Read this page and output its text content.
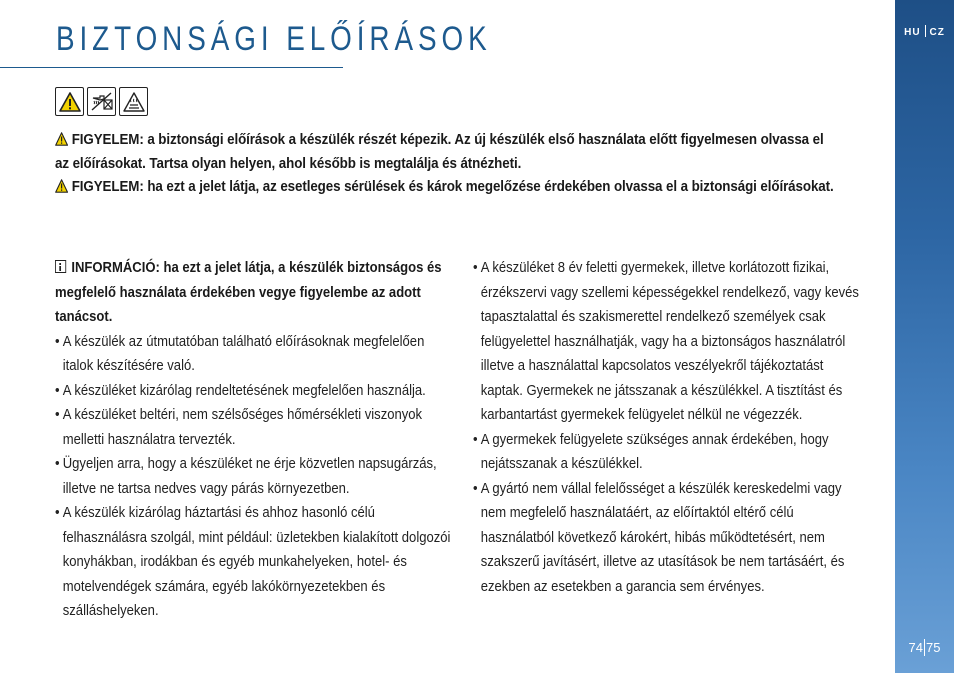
BIZTONSÁGI ELŐÍRÁSOK
FIGYELEM: a biztonsági előírások a készülék részét képezik. Az új készülék első használata előtt figyelmesen olvassa el az előírásokat. Tartsa olyan helyen, ahol később is megtalálja és átnézheti.
FIGYELEM: ha ezt a jelet látja, az esetleges sérülések és károk megelőzése érdekében olvassa el a biztonsági előírásokat.

INFORMÁCIÓ: ha ezt a jelet látja, a készülék biztonságos és megfelelő használata érdekében vegye figyelembe az adott tanácsot.

• A készülék az útmutatóban található előírásoknak megfelelően italok készítésére való.
• A készüléket kizárólag rendeltetésének megfelelően használja.
• A készüléket beltéri, nem szélsőséges hőmérsékleti viszonyok melletti használatra tervezték.
• Ügyeljen arra, hogy a készüléket ne érje közvetlen napsugárzás, illetve ne tartsa nedves vagy párás környezetben.
• A készülék kizárólag háztartási és ahhoz hasonló célú felhasználásra szolgál, mint például: üzletekben kialakított dolgozói konyhákban, irodákban és egyéb munkahelyeken, hotel- és motelvendégek számára, egyéb lakókörnyezetekben és szálláshelyeken.
• A készüléket 8 év feletti gyermekek, illetve korlátozott fizikai, érzékszervi vagy szellemi képességekkel rendelkező, vagy kevés tapasztalattal és szakismerettel rendelkező személyek csak felügyelettel használhatják, vagy ha a biztonságos használatról illetve a használattal kapcsolatos veszélyekről tájékoztatást kaptak. Gyermekek ne játsszanak a készülékkel. A tisztítást és karbantartást gyermekek felügyelet nélkül ne végezzék.
• A gyermekek felügyelete szükséges annak érdekében, hogy nejátsszanak a készülékkel.
• A gyártó nem vállal felelősséget a készülék kereskedelmi vagy nem megfelelő használatáért, az előírtaktól eltérő célú használatból következő károkért, hibás működtetésért, nem szakszerű javításért, illetve az utasítások be nem tartásáért, és ezekben az esetekben a garancia sem érvényes.
HU CZ
74 75
